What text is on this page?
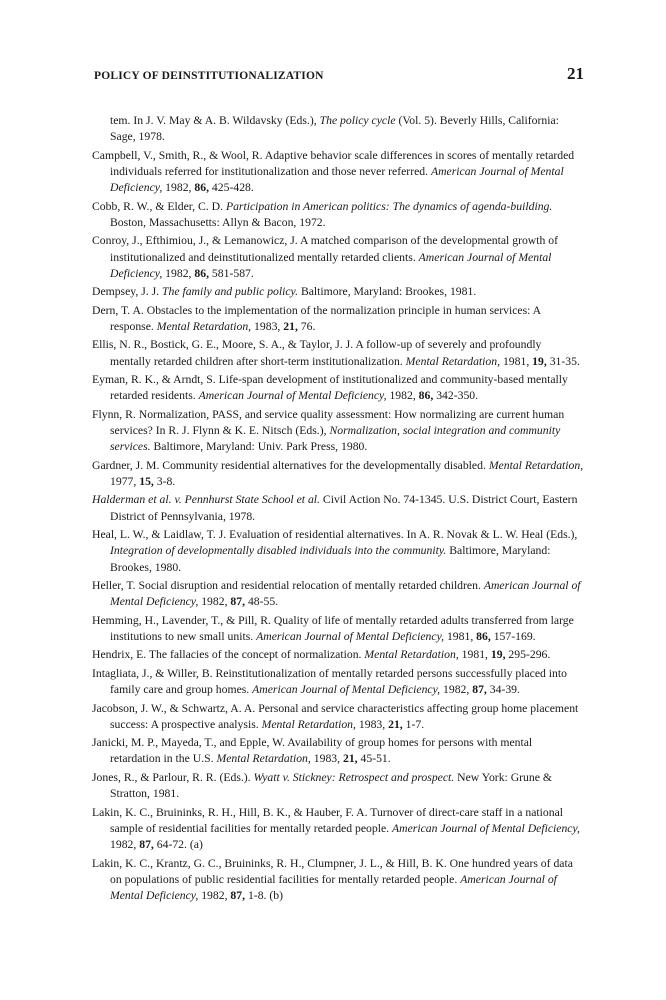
POLICY OF DEINSTITUTIONALIZATION	21

tem. In J. V. May & A. B. Wildavsky (Eds.), The policy cycle (Vol. 5). Beverly Hills, California: Sage, 1978.

Campbell, V., Smith, R., & Wool, R. Adaptive behavior scale differences in scores of mentally retarded individuals referred for institutionalization and those never referred. American Journal of Mental Deficiency, 1982, 86, 425-428.

Cobb, R. W., & Elder, C. D. Participation in American politics: The dynamics of agenda-building. Boston, Massachusetts: Allyn & Bacon, 1972.

Conroy, J., Efthimiou, J., & Lemanowicz, J. A matched comparison of the developmental growth of institutionalized and deinstitutionalized mentally retarded clients. American Journal of Mental Deficiency, 1982, 86, 581-587.

Dempsey, J. J. The family and public policy. Baltimore, Maryland: Brookes, 1981.

Dern, T. A. Obstacles to the implementation of the normalization principle in human services: A response. Mental Retardation, 1983, 21, 76.

Ellis, N. R., Bostick, G. E., Moore, S. A., & Taylor, J. J. A follow-up of severely and profoundly mentally retarded children after short-term institutionalization. Mental Retardation, 1981, 19, 31-35.

Eyman, R. K., & Arndt, S. Life-span development of institutionalized and community-based mentally retarded residents. American Journal of Mental Deficiency, 1982, 86, 342-350.

Flynn, R. Normalization, PASS, and service quality assessment: How normalizing are current human services? In R. J. Flynn & K. E. Nitsch (Eds.), Normalization, social integration and community services. Baltimore, Maryland: Univ. Park Press, 1980.

Gardner, J. M. Community residential alternatives for the developmentally disabled. Mental Retardation, 1977, 15, 3-8.

Halderman et al. v. Pennhurst State School et al. Civil Action No. 74-1345. U.S. District Court, Eastern District of Pennsylvania, 1978.

Heal, L. W., & Laidlaw, T. J. Evaluation of residential alternatives. In A. R. Novak & L. W. Heal (Eds.), Integration of developmentally disabled individuals into the community. Baltimore, Maryland: Brookes, 1980.

Heller, T. Social disruption and residential relocation of mentally retarded children. American Journal of Mental Deficiency, 1982, 87, 48-55.

Hemming, H., Lavender, T., & Pill, R. Quality of life of mentally retarded adults transferred from large institutions to new small units. American Journal of Mental Deficiency, 1981, 86, 157-169.

Hendrix, E. The fallacies of the concept of normalization. Mental Retardation, 1981, 19, 295-296.

Intagliata, J., & Willer, B. Reinstitutionalization of mentally retarded persons successfully placed into family care and group homes. American Journal of Mental Deficiency, 1982, 87, 34-39.

Jacobson, J. W., & Schwartz, A. A. Personal and service characteristics affecting group home placement success: A prospective analysis. Mental Retardation, 1983, 21, 1-7.

Janicki, M. P., Mayeda, T., and Epple, W. Availability of group homes for persons with mental retardation in the U.S. Mental Retardation, 1983, 21, 45-51.

Jones, R., & Parlour, R. R. (Eds.). Wyatt v. Stickney: Retrospect and prospect. New York: Grune & Stratton, 1981.

Lakin, K. C., Bruininks, R. H., Hill, B. K., & Hauber, F. A. Turnover of direct-care staff in a national sample of residential facilities for mentally retarded people. American Journal of Mental Deficiency, 1982, 87, 64-72. (a)

Lakin, K. C., Krantz, G. C., Bruininks, R. H., Clumpner, J. L., & Hill, B. K. One hundred years of data on populations of public residential facilities for mentally retarded people. American Journal of Mental Deficiency, 1982, 87, 1-8. (b)
